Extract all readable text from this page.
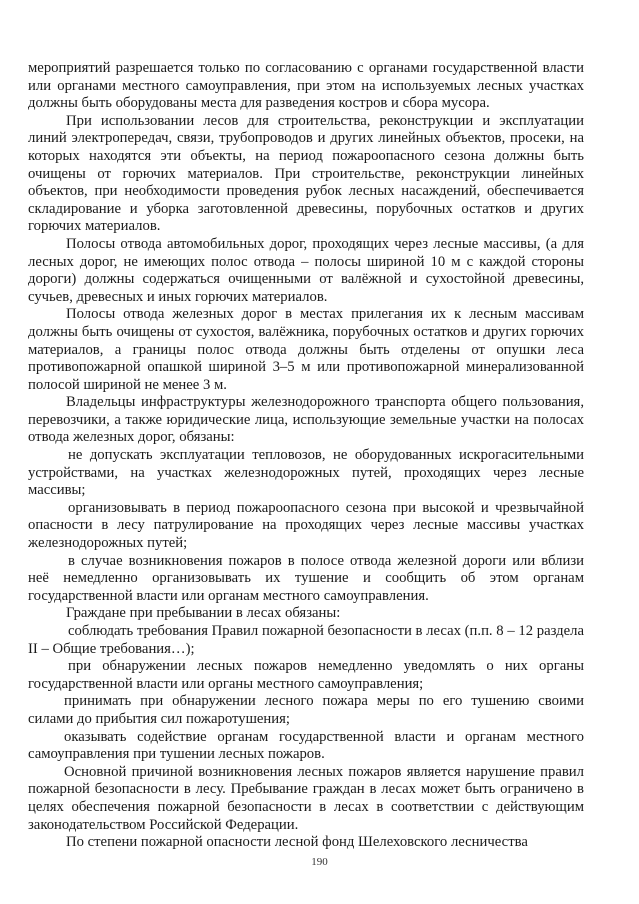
мероприятий разрешается только по согласованию с органами государственной власти или органами местного самоуправления, при этом на используемых лесных участках должны быть оборудованы места для разведения костров и сбора мусора.

При использовании лесов для строительства, реконструкции и эксплуатации линий электропередач, связи, трубопроводов и других линейных объектов, просеки, на которых находятся эти объекты, на период пожароопасного сезона должны быть очищены от горючих материалов. При строительстве, реконструкции линейных объектов, при необходимости проведения рубок лесных насаждений, обеспечивается складирование и уборка заготовленной древесины, порубочных остатков и других горючих материалов.

Полосы отвода автомобильных дорог, проходящих через лесные массивы, (а для лесных дорог, не имеющих полос отвода – полосы шириной 10 м с каждой стороны дороги) должны содержаться очищенными от валёжной и сухостойной древесины, сучьев, древесных и иных горючих материалов.

Полосы отвода железных дорог в местах прилегания их к лесным массивам должны быть очищены от сухостоя, валёжника, порубочных остатков и других горючих материалов, а границы полос отвода должны быть отделены от опушки леса противопожарной опашкой шириной 3–5 м или противопожарной минерализованной полосой шириной не менее 3 м.

Владельцы инфраструктуры железнодорожного транспорта общего пользования, перевозчики, а также юридические лица, использующие земельные участки на полосах отвода железных дорог, обязаны:

не допускать эксплуатации тепловозов, не оборудованных искрогасительными устройствами, на участках железнодорожных путей, проходящих через лесные массивы;

организовывать в период пожароопасного сезона при высокой и чрезвычайной опасности в лесу патрулирование на проходящих через лесные массивы участках железнодорожных путей;

в случае возникновения пожаров в полосе отвода железной дороги или вблизи неё немедленно организовывать их тушение и сообщить об этом органам государственной власти или органам местного самоуправления.

Граждане при пребывании в лесах обязаны:

соблюдать требования Правил пожарной безопасности в лесах (п.п. 8 – 12 раздела II – Общие требования…);

при обнаружении лесных пожаров немедленно уведомлять о них органы государственной власти или органы местного самоуправления;

принимать при обнаружении лесного пожара меры по его тушению своими силами до прибытия сил пожаротушения;

оказывать содействие органам государственной власти и органам местного самоуправления при тушении лесных пожаров.

Основной причиной возникновения лесных пожаров является нарушение правил пожарной безопасности в лесу. Пребывание граждан в лесах может быть ограничено в целях обеспечения пожарной безопасности в лесах в соответствии с действующим законодательством Российской Федерации.

По степени пожарной опасности лесной фонд Шелеховского лесничества

190
